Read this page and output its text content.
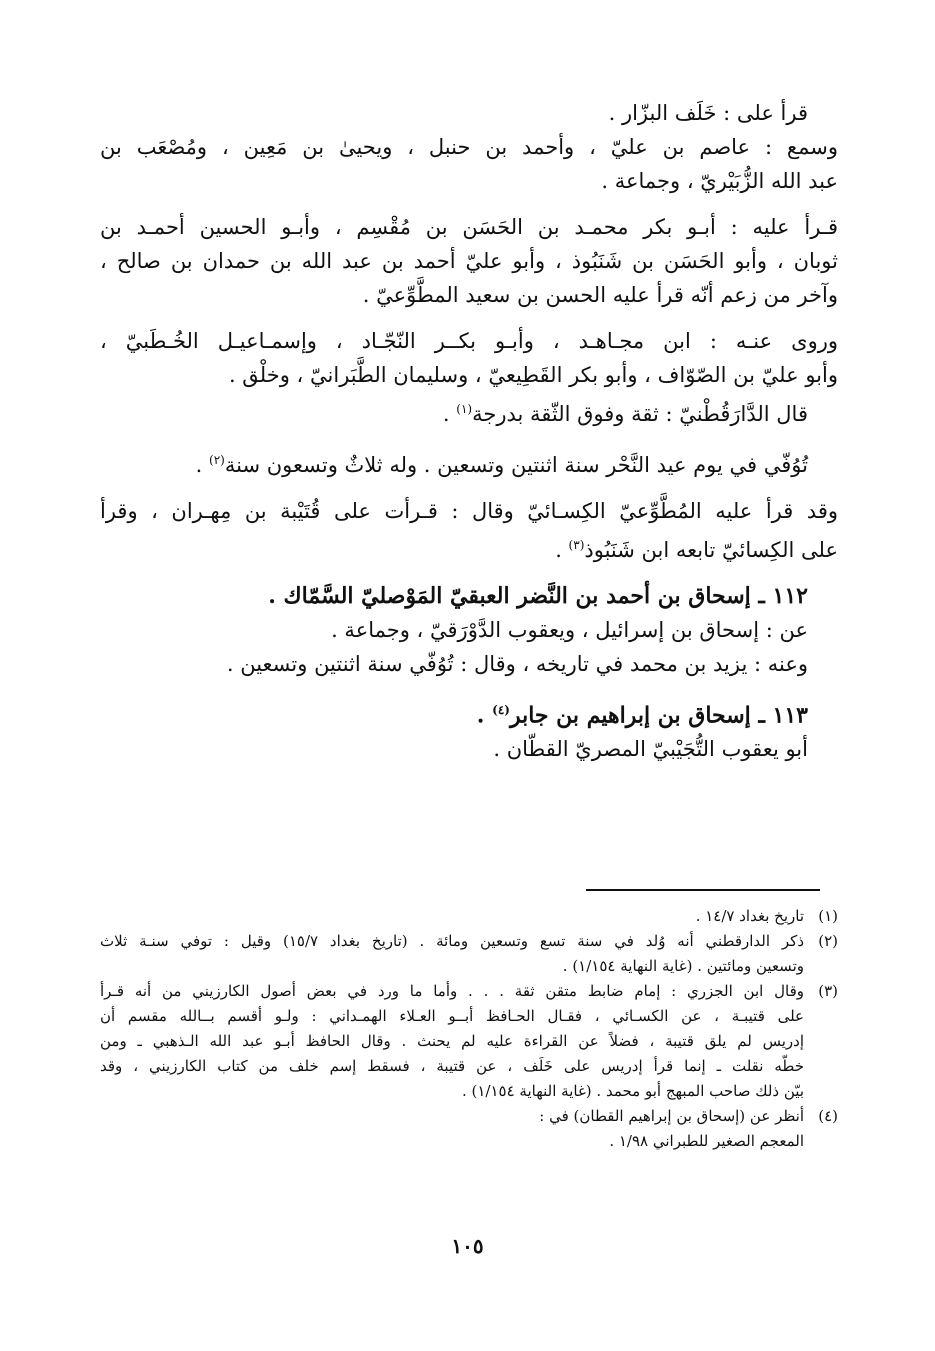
قرأ على : خَلَف البزّار .
وسمع : عاصم بن عليّ ، وأحمد بن حنبل ، ويحيىٰ بن مَعِين ، ومُصْعَب بن
عبد الله الزُّبَيْريّ ، وجماعة .
قـرأ عليه : أبـو بكر محمـد بن الحَسَن بن مُقْسِم ، وأبـو الحسين أحمـد بن
ثوبان ، وأبو الحَسَن بن شَنَبُوذ ، وأبو عليّ أحمد بن عبد الله بن حمدان بن صالح ،
وآخر من زعم أنّه قرأ عليه الحسن بن سعيد المطَّوِّعيّ .
وروى عنـه : ابن مجـاهـد ، وأبـو بكــر النّجّـاد ، وإسمـاعيـل الخُـطَبيّ ،
وأبو عليّ بن الصّوّاف ، وأبو بكر القَطِيعيّ ، وسليمان الطَّبَرانيّ ، وخلْق .
قال الدَّارَقُطْنيّ : ثقة وفوق الثّقة بدرجة$^{(١)}$ .
تُوُفّي في يوم عيد النَّحْر سنة اثنتين وتسعين . وله ثلاثٌ وتسعون سنة$^{(٢)}$ .
وقد قرأ عليه المُطَّوِّعيّ الكِسـائيّ وقال : قـرأت على قُتَيْبة بن مِهـران ، وقرأ
على الكِسائيّ تابعه ابن شَنَبُوذ$^{(٣)}$ .
١١٢ ـ إسحاق بن أحمد بن النَّضر العبقيّ المَوْصليّ السَّمّاك .
عن : إسحاق بن إسرائيل ، ويعقوب الدَّوْرَقيّ ، وجماعة .
وعنه : يزيد بن محمد في تاريخه ، وقال : تُوُفّي سنة اثنتين وتسعين .
١١٣ ـ إسحاق بن إبراهيم بن جابر$^{(٤)}$ .
أبو يعقوب التُّجَيْبيّ المصريّ القطّان .
(١)تاريخ بغداد ١٤/٧ .
(٢)ذكر الدارقطني أنه وُلد في سنة تسع وتسعين ومائة . (تاريخ بغداد ١٥/٧) وقيل : توفي سنـة ثلاث
وتسعين ومائتين . (غاية النهاية ١/١٥٤) .
(٣)وقال ابن الجزري : إمام ضابط متقن ثقة . . . وأما ما ورد في بعض أصول الكارزيني من أنه قـرأ
على قتيبـة ، عن الكسـائي ، فقـال الحـافظ أبــو العـلاء الهمـداني : ولـو أقسم بــالله مقسم أن
إدريس لم يلق قتيبة ، فضلاً عن القراءة عليه لم يحنث . وقال الحافظ أبـو عبد الله الـذهبي ـ ومن
خطّه نقلت ـ إنما قرأ إدريس على خَلَف ، عن قتيبة ، فسقط إسم خلف من كتاب الكارزيني ، وقد
بيّن ذلك صاحب المبهج أبو محمد . (غاية النهاية ١/١٥٤) .
(٤)أنظر عن (إسحاق بن إبراهيم القطان) في :
المعجم الصغير للطبراني ١/٩٨ .
١٠٥
